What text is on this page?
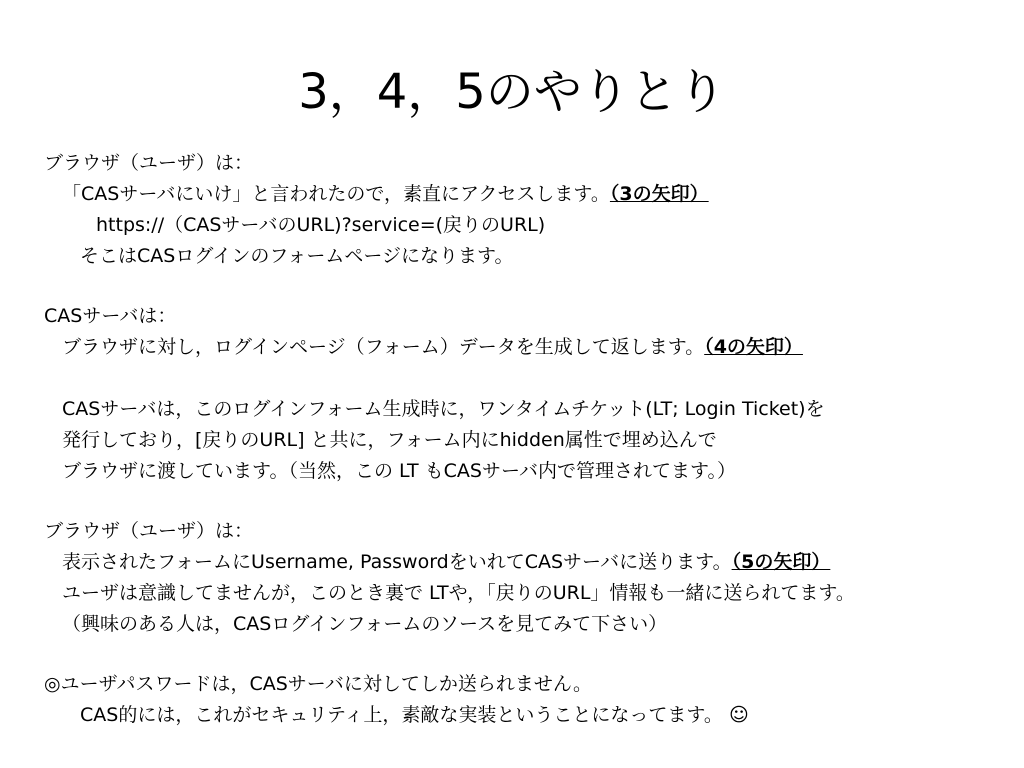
3，4，5のやりとり
ブラウザ（ユーザ）は：
「CASサーバにいけ」と言われたので，素直にアクセスします。（3の矢印）
https://（CASサーバのURL)?service=(戻りのURL)
そこはCASログインのフォームページになります。
CASサーバは：
ブラウザに対し，ログインページ（フォーム）データを生成して返します。（4の矢印）
CASサーバは，このログインフォーム生成時に，ワンタイムチケット(LT; Login Ticket)を
発行しており，[戻りのURL] と共に，フォーム内にhidden属性で埋め込んで
ブラウザに渡しています。（当然，この LT もCASサーバ内で管理されてます。）
ブラウザ（ユーザ）は：
表示されたフォームにUsername, PasswordをいれてCASサーバに送ります。（5の矢印）
ユーザは意識してませんが，このとき裏で LTや，「戻りのURL」情報も一緒に送られてます。
（興味のある人は，CASログインフォームのソースを見てみて下さい）
◎ユーザパスワードは，CASサーバに対してしか送られません。
CAS的には，これがセキュリティ上，素敵な実装ということになってます。 ☺
